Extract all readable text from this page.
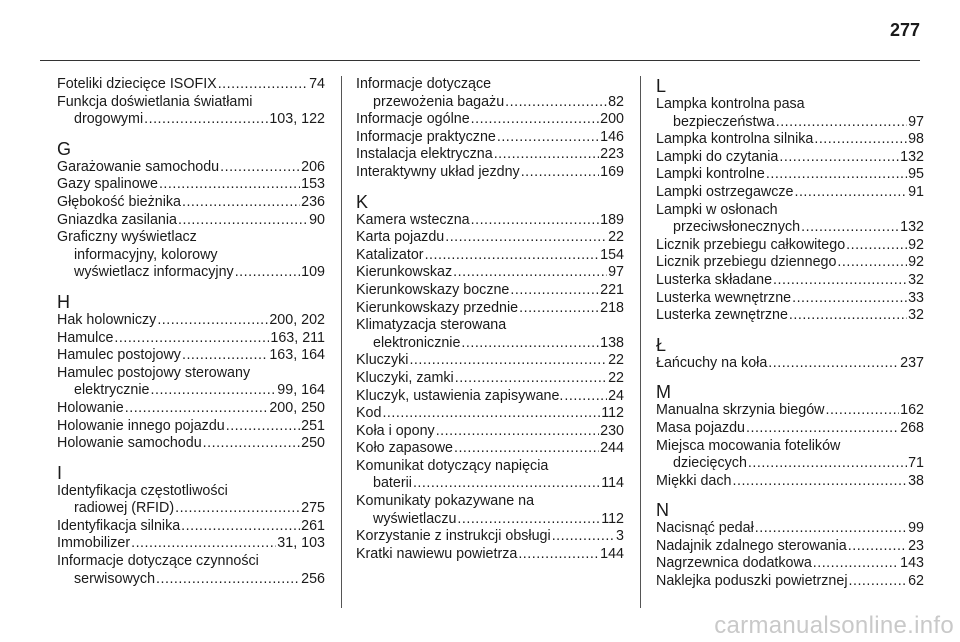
277
Foteliki dziecięce ISOFIX .....	74
Funkcja doświetlania światłami
drogowymi .....	103, 122
G
Garażowanie samochodu .....	206
Gazy spalinowe .....	153
Głębokość bieżnika .....	236
Gniazdka zasilania .....	90
Graficzny wyświetlacz
informacyjny, kolorowy
wyświetlacz informacyjny .....	109
H
Hak holowniczy .....	200, 202
Hamulce .....	163, 211
Hamulec postojowy .....	163, 164
Hamulec postojowy sterowany
elektrycznie .....	99, 164
Holowanie .....	200, 250
Holowanie innego pojazdu .....	251
Holowanie samochodu .....	250
I
Identyfikacja częstotliwości
radiowej (RFID) .....	275
Identyfikacja silnika .....	261
Immobilizer .....	31, 103
Informacje dotyczące czynności
serwisowych .....	256
Informacje dotyczące
przewożenia bagażu .....	82
Informacje ogólne .....	200
Informacje praktyczne .....	146
Instalacja elektryczna .....	223
Interaktywny układ jezdny .....	169
K
Kamera wsteczna .....	189
Karta pojazdu .....	22
Katalizator .....	154
Kierunkowskaz .....	97
Kierunkowskazy boczne .....	221
Kierunkowskazy przednie .....	218
Klimatyzacja sterowana
elektronicznie .....	138
Kluczyki .....	22
Kluczyki, zamki .....	22
Kluczyk, ustawienia zapisywane. .....	24
Kod .....	112
Koła i opony .....	230
Koło zapasowe .....	244
Komunikat dotyczący napięcia
baterii .....	114
Komunikaty pokazywane na
wyświetlaczu .....	112
Korzystanie z instrukcji obsługi .....	3
Kratki nawiewu powietrza .....	144
L
Lampka kontrolna pasa
bezpieczeństwa .....	97
Lampka kontrolna silnika .....	98
Lampki do czytania .....	132
Lampki kontrolne .....	95
Lampki ostrzegawcze .....	91
Lampki w osłonach
przeciwsłonecznych .....	132
Licznik przebiegu całkowitego .....	92
Licznik przebiegu dziennego .....	92
Lusterka składane .....	32
Lusterka wewnętrzne .....	33
Lusterka zewnętrzne .....	32
Ł
Łańcuchy na koła .....	237
M
Manualna skrzynia biegów .....	162
Masa pojazdu .....	268
Miejsca mocowania fotelików
dziecięcych .....	71
Miękki dach .....	38
N
Nacisnąć pedał .....	99
Nadajnik zdalnego sterowania .....	23
Nagrzewnica dodatkowa .....	143
Naklejka poduszki powietrznej .....	62
carmanualsonline.info
